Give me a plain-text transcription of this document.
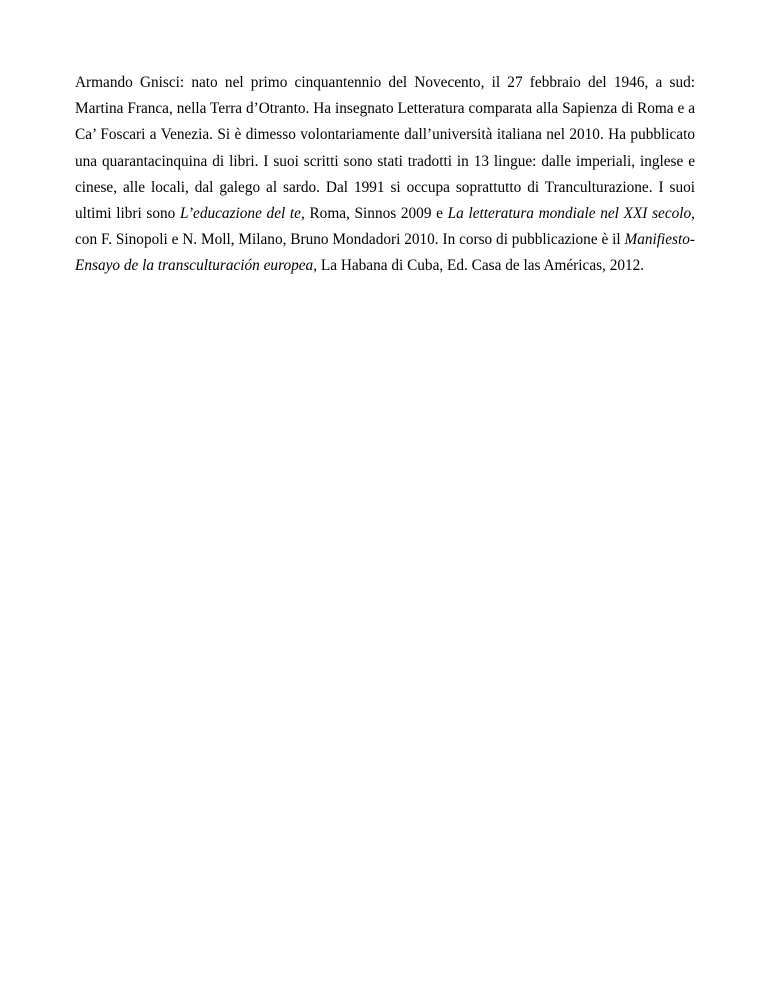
Armando Gnisci: nato nel primo cinquantennio del Novecento, il 27 febbraio del 1946, a sud: Martina Franca, nella Terra d’Otranto. Ha insegnato Letteratura comparata alla Sapienza di Roma e a Ca’ Foscari a Venezia. Si è dimesso volontariamente dall’università italiana nel 2010. Ha pubblicato una quarantacinquina di libri. I suoi scritti sono stati tradotti in 13 lingue: dalle imperiali, inglese e cinese, alle locali, dal galego al sardo. Dal 1991 si occupa soprattutto di Tranculturazione. I suoi ultimi libri sono L’educazione del te, Roma, Sinnos 2009 e La letteratura mondiale nel XXI secolo, con F. Sinopoli e N. Moll, Milano, Bruno Mondadori 2010. In corso di pubblicazione è il Manifiesto-Ensayo de la transculturación europea, La Habana di Cuba, Ed. Casa de las Américas, 2012.
